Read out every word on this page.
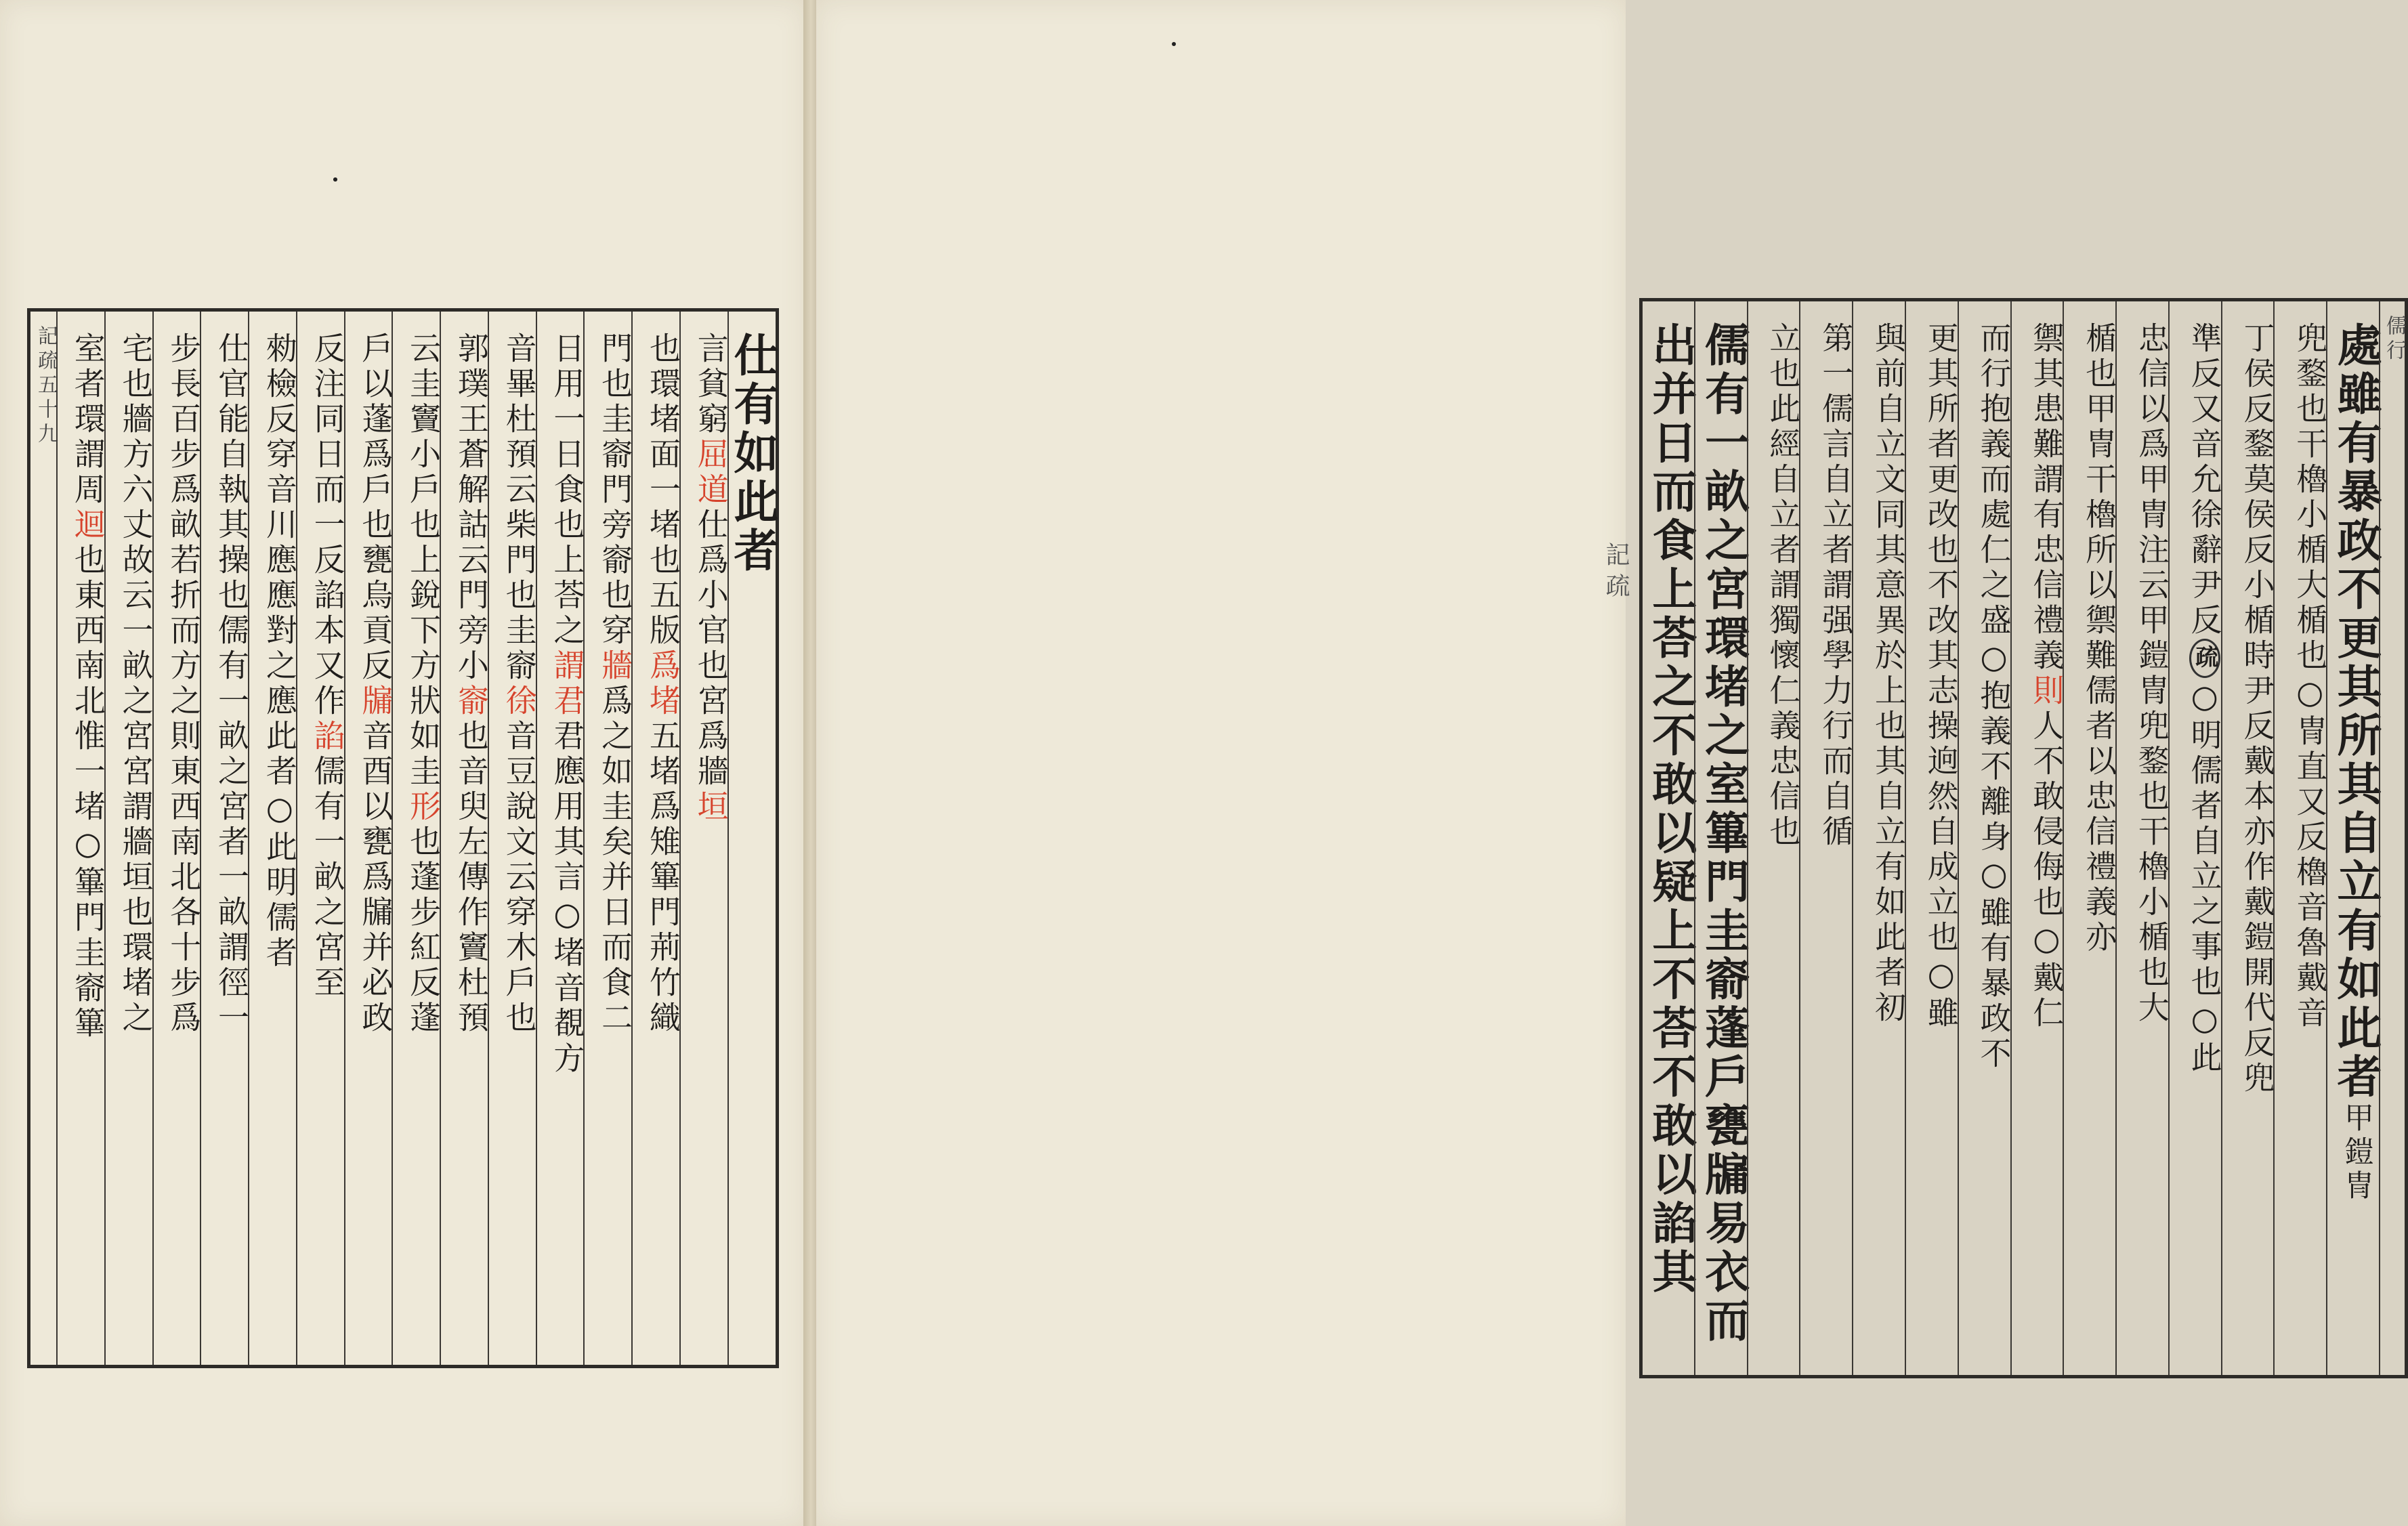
仕有如此者
言貧窮屈道仕爲小官也宮爲牆垣
也環堵面一堵也五版爲堵五堵爲雉篳門荊竹織
門也圭窬門旁窬也穿牆爲之如圭矣并日而食二
日用一日食也上荅之謂君君應用其言○堵音覩方
音畢杜預云柴門也圭窬徐音豆說文云穿木戶也
郭璞王蒼解詁云門旁小窬也音臾左傳作竇杜預
云圭竇小戶也上銳下方狀如圭形也蓬步紅反蓬
戶以蓬爲戶也甕烏貢反牖音酉以甕爲牖并必政
反注同日而一反諂本又作諂儒有一畝之宮至
勑檢反穿音川應應對之應此者○此明儒者
仕官能自執其操也儒有一畝之宮者一畝謂徑一
步長百步爲畝若折而方之則東西南北各十步爲
宅也牆方六丈故云一畝之宮宮謂牆垣也環堵之
室者環謂周迴也東西南北惟一堵○篳門圭窬篳
記疏五十九	儒行
處雖有暴政不更其所其自立有如此者甲鎧冑
兜鍪也干櫓小楯大楯也○冑直又反櫓音魯戴音
丁侯反鍪莫侯反小楯時尹反戴本亦作戴鎧開代反兜
準反又音允徐辭尹反疏○明儒者自立之事也○此
忠信以爲甲冑注云甲鎧冑兜鍪也干櫓小楯也大
楯也甲冑干櫓所以禦難儒者以忠信禮義亦
禦其患難謂有忠信禮義則人不敢侵侮也○戴仁
而行抱義而處仁之盛○抱義不離身○雖有暴政不
更其所者更改也不改其志操逈然自成立也○雖
與前自立文同其意異於上也其自立有如此者初
第一儒言自立者謂强學力行而自循
立也此經自立者謂獨懷仁義忠信也
儒有一畝之宮環堵之室篳門圭窬蓬戶甕牖易衣而
出并日而食上荅之不敢以疑上不荅不敢以諂其
記疏
